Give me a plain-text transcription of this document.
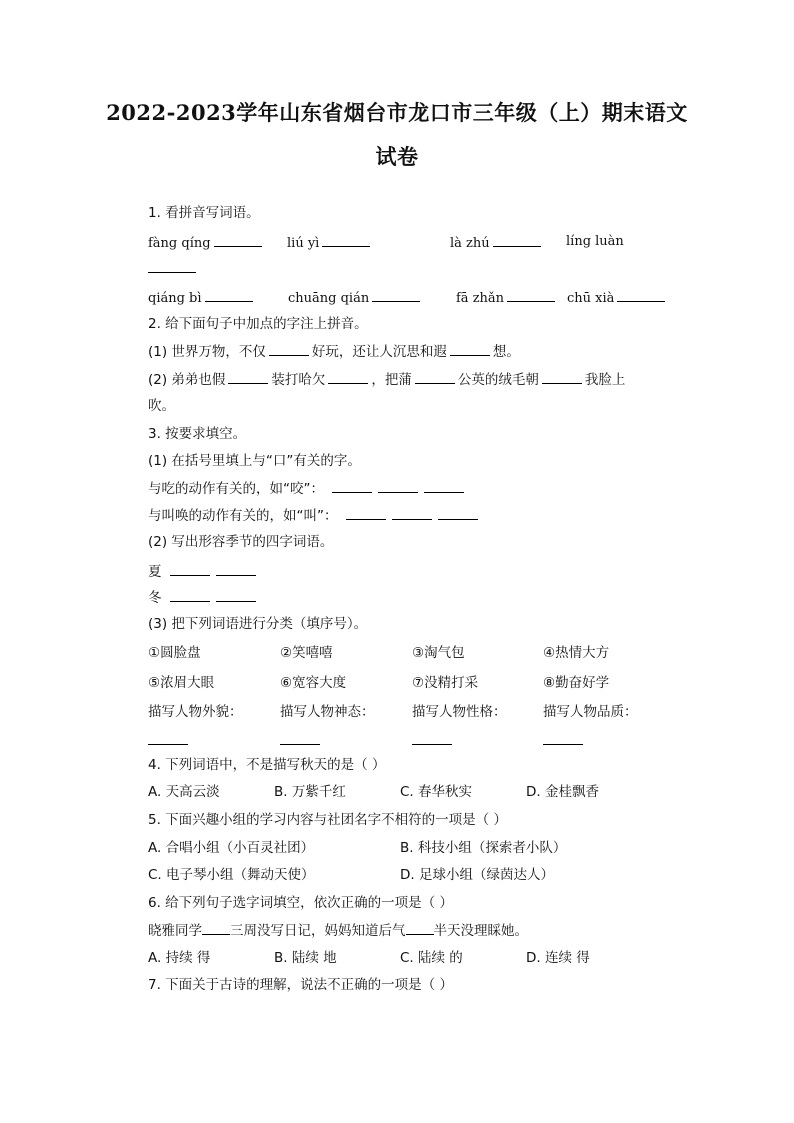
2022-2023学年山东省烟台市龙口市三年级（上）期末语文
试卷
1. 看拼音写词语。
fàng qíng	liú yì	là zhú	líng luàn
qiáng bì	chuāng qián	fā zhǎn	chū xià
2. 给下面句子中加点的字注上拼音。
(1) 世界万物，不仅	好玩，还让人沉思和遐	想。
(2) 弟弟也假	装打哈欠	，把蒲	公英的绒毛朝	我脸上
吹。
3. 按要求填空。
(1) 在括号里填上与“口”有关的字。
与吃的动作有关的，如“咬”：
与叫唤的动作有关的，如“叫”：
(2) 写出形容季节的四字词语。
夏
冬
(3) 把下列词语进行分类（填序号）。
①圆脸盘	②笑嘻嘻	③淘气包	④热情大方
⑤浓眉大眼	⑥宽容大度	⑦没精打采	⑧勤奋好学
描写人物外貌：	描写人物神态：	描写人物性格：	描写人物品质：
4. 下列词语中，不是描写秋天的是（ ）
A. 天高云淡	B. 万紫千红	C. 春华秋实	D. 金桂飘香
5. 下面兴趣小组的学习内容与社团名字不相符的一项是（ ）
A. 合唱小组（小百灵社团）	B. 科技小组（探索者小队）
C. 电子琴小组（舞动天使）	D. 足球小组（绿茵达人）
6. 给下列句子选字词填空，依次正确的一项是（ ）
晓雅同学 三周没写日记，妈妈知道后气 半天没理睬她。
A. 持续 得	B. 陆续 地	C. 陆续 的	D. 连续 得
7. 下面关于古诗的理解，说法不正确的一项是（ ）
